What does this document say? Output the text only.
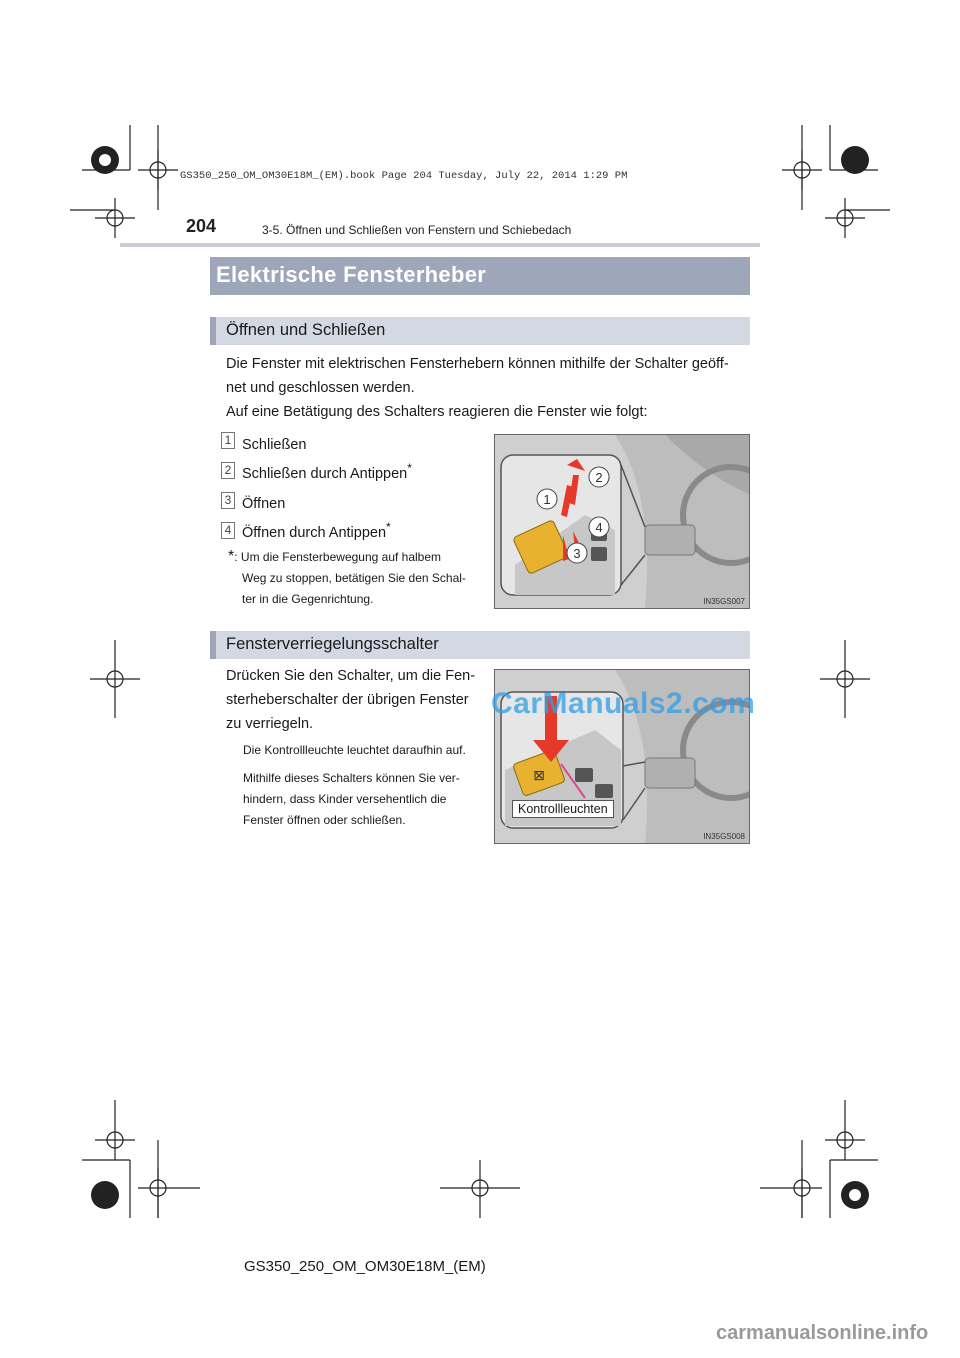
GS350_250_OM_OM30E18M_(EM).book Page 204 Tuesday, July 22, 2014 1:29 PM
204	3-5. Öffnen und Schließen von Fenstern und Schiebedach
Elektrische Fensterheber
Öffnen und Schließen
Die Fenster mit elektrischen Fensterhebern können mithilfe der Schalter geöff-
net und geschlossen werden.
Auf eine Betätigung des Schalters reagieren die Fenster wie folgt:
1 Schließen
2 Schließen durch Antippen*
3 Öffnen
4 Öffnen durch Antippen*
*: Um die Fensterbewegung auf halbem
Weg zu stoppen, betätigen Sie den Schal-
ter in die Gegenrichtung.
2
1
4
3
IN35GS007
Fensterverriegelungsschalter
Drücken Sie den Schalter, um die Fen-
sterheberschalter der übrigen Fenster
zu verriegeln.
Die Kontrollleuchte leuchtet daraufhin auf.
Mithilfe dieses Schalters können Sie ver-
hindern, dass Kinder versehentlich die
Fenster öffnen oder schließen.
⊠
IN35GS008
Kontrollleuchten
CarManuals2.com
GS350_250_OM_OM30E18M_(EM)
carmanualsonline.info
